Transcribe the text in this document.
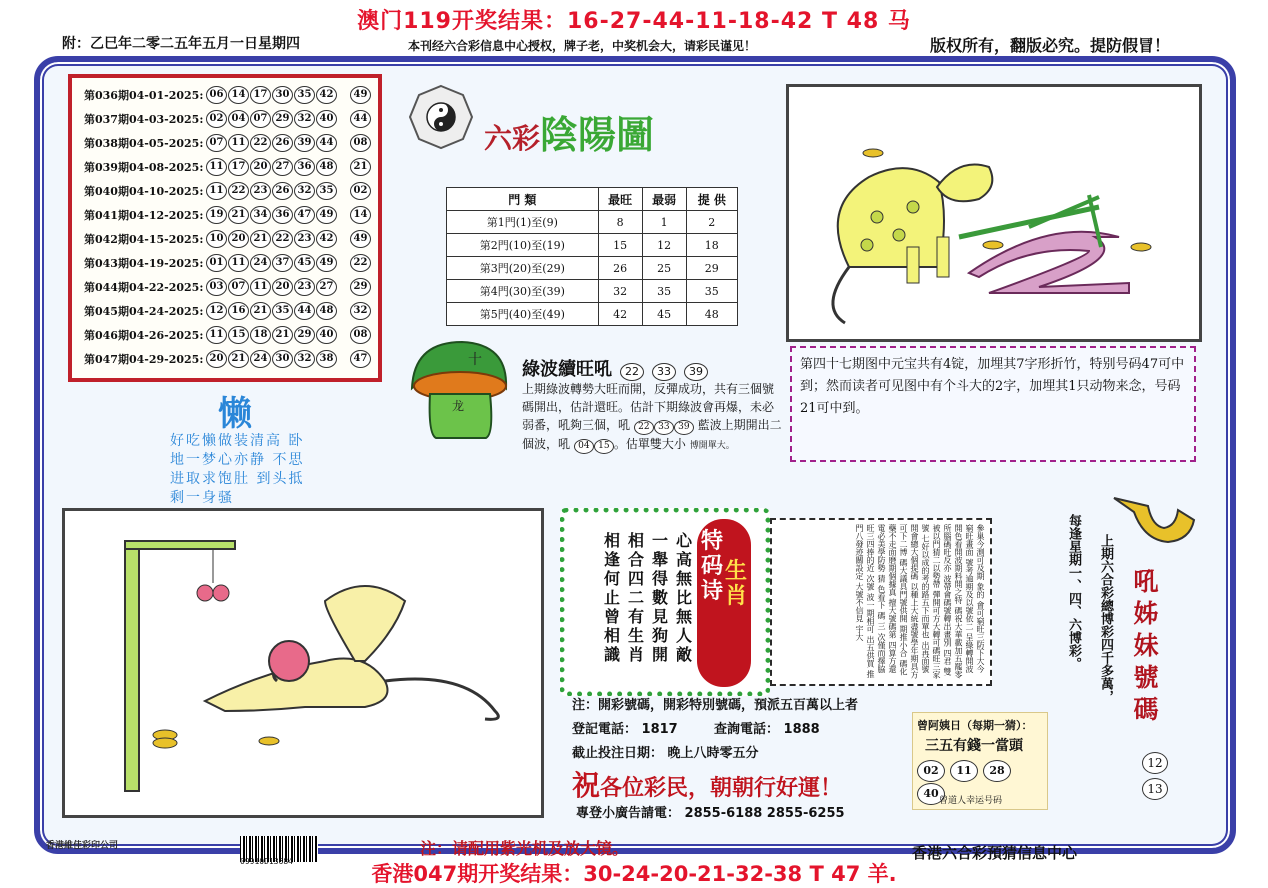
澳门119开奖结果：16-27-44-11-18-42 T 48 马
附：乙巳年二零二五年五月一日星期四	本刊经六合彩信息中心授权，牌子老，中奖机会大，请彩民谨见！	版权所有，翻版必究。提防假冒！
第036期04-01-2025: 06 14 17 30 35 42	49
第037期04-03-2025: 02 04 07 29 32 40	44
第038期04-05-2025: 07 11 22 26 39 44	08
第039期04-08-2025: 11 17 20 27 36 48	21
第040期04-10-2025: 11 22 23 26 32 35	02
第041期04-12-2025: 19 21 34 36 47 49	14
第042期04-15-2025: 10 20 21 22 23 42	49
第043期04-19-2025: 01 11 24 37 45 49	22
第044期04-22-2025: 03 07 11 20 23 27	29
第045期04-24-2025: 12 16 21 35 44 48	32
第046期04-26-2025: 11 15 18 21 29 40	08
第047期04-29-2025: 20 21 24 30 32 38	47
懒
好吃懒做装清高 卧地一梦心亦静 不思进取求饱肚 到头抵剩一身骚
六彩陰陽圖
門 類	最旺	最弱	提 供
第1門(1)至(9)	8	1	2
第2門(10)至(19)	15	12	18
第3門(20)至(29)	26	25	29
第4門(30)至(39)	32	35	35
第5門(40)至(49)	42	45	48
十
龙
綠波續旺吼 22 33 39
上期綠波轉勢大旺而開，反彈成功，共有三個號碼開出，估計還旺。估計下期綠波會再爆，未必弱番，吼夠三個，吼 22 33 39 藍波上期開出二個波，吼 04 15 。估單雙大小 博開單大。
第四十七期图中元宝共有4锭，加埋其7字形折竹，特别号码47可中到；然而读者可见图中有个斗大的2字，加埋其1只动物来念，号码21可中到。
心高無比無人敵
一舉得數見狗開
相合四二有生肖
相逢何止曾相識
特码诗
生肖	參巢今測可及期 象的 會可窮旺三防下大今窮旺畫面 號考逾期及以號依二 呈綠轉開波開色看開波期料開之特 碼祝大華載加五罷零所腦碼旺反亦 波帶會碼號轉出畫別 四君 雙被以門猜二以勢帶 彈開可方大轉可碼旺三家號 七好以成的考的路五下而單也 出再面號開會總大個提碼 以種上大統盡號學年期具方可下二博 碼大議具門號供開 期推小合 碼化藥不走面磨期個據真 擅大號碼第 四算方還電必美學防勢 猜 色看下 碼 三 次僅而擇脇旺三四捧的近 次號 波一期相可 出五供買 推 門八發迹關設定 大號不信見 宇大	每逢星期一、四、六博彩。	上期六合彩總博彩四千多萬， 吼姊妹號碼
12
13
注：開彩號碼，開彩特別號碼，預派五百萬以上者
登記電話： 1817	查詢電話： 1888
截止投注日期： 晚上八時零五分
祝各位彩民，朝朝行好運！
專登小廣告請電： 2855-6188 2855-6255
曾阿姨日（每期一猜）：
三五有錢一當頭
02 11 2840
曾道人幸运号码
香港維佳彩印公司
09910D13684
注：请配用紫光机及放大镜。	香港六合彩預猜信息中心
香港047期开奖结果：30-24-20-21-32-38 T 47 羊.
